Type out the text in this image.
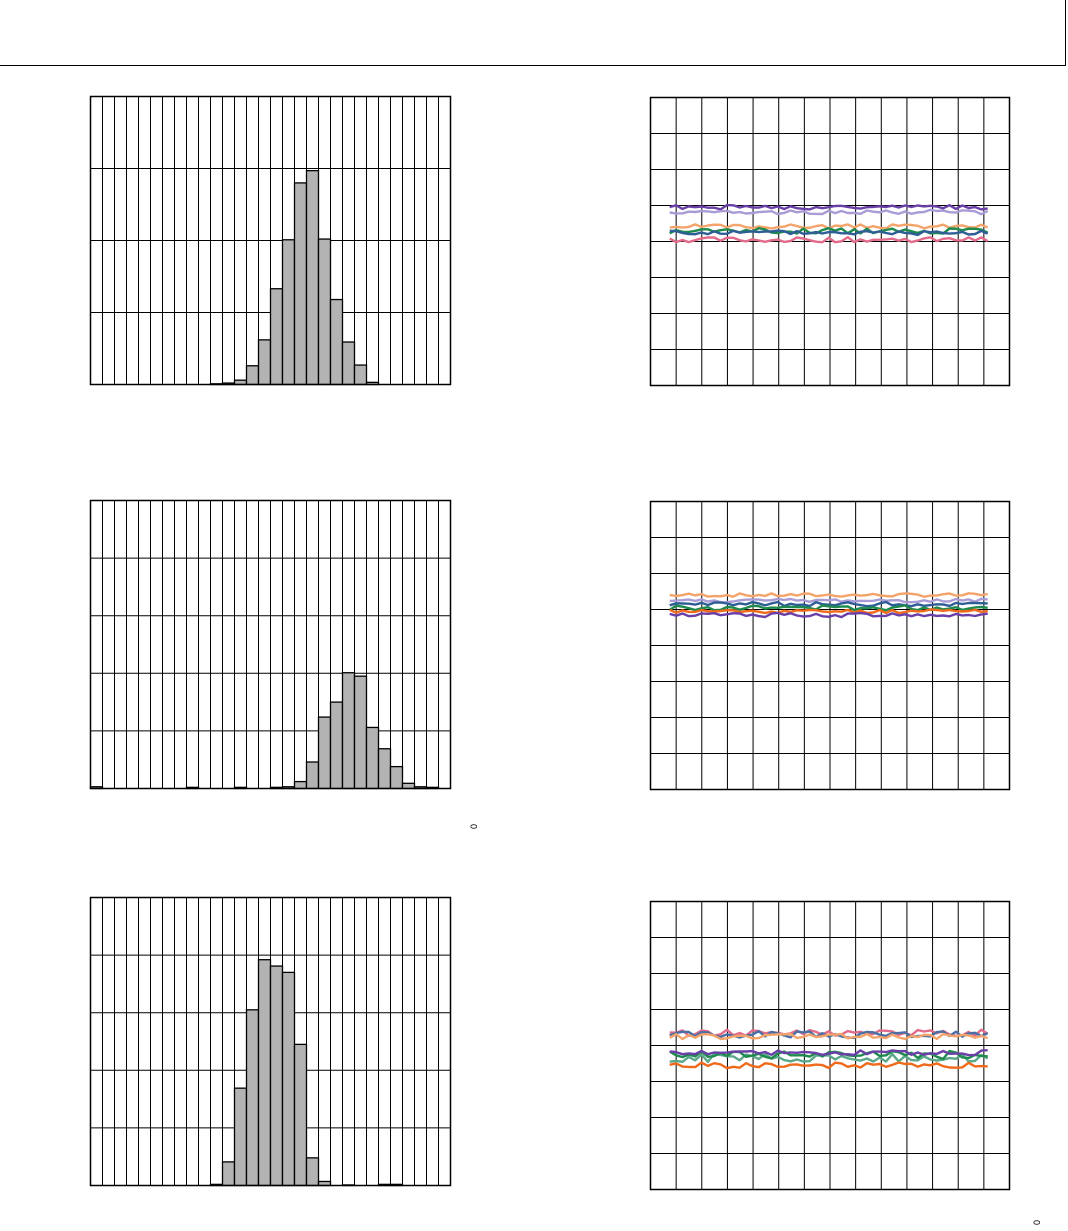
0
0
